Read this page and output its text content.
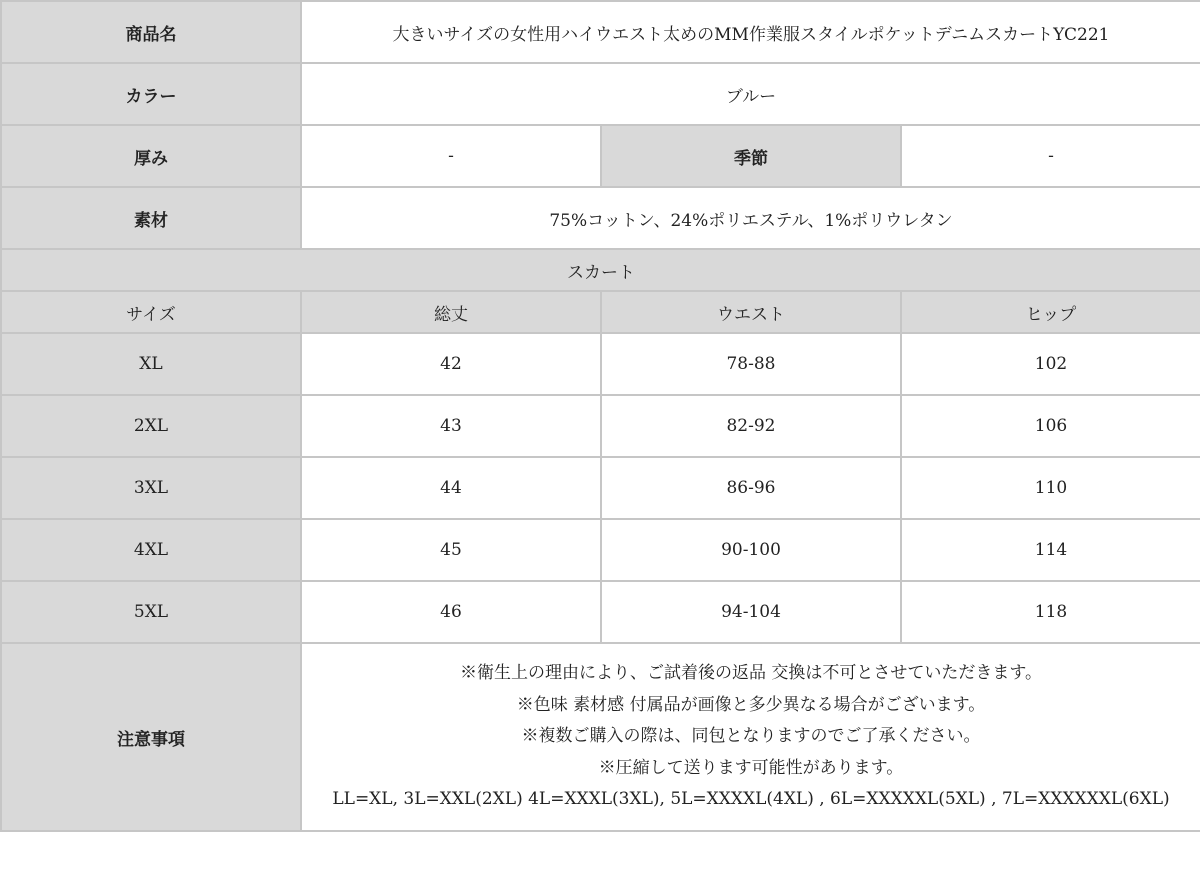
商品名	大きいサイズの女性用ハイウエスト太めのMM作業服スタイルポケットデニムスカートYC221		
カラー	ブルー		
厚み	-	季節	-
素材	75%コットン、24%ポリエステル、1%ポリウレタン		
スカート			
サイズ	総丈	ウエスト	ヒップ
XL	42	78-88	102
2XL	43	82-92	106
3XL	44	86-96	110
4XL	45	90-100	114
5XL	46	94-104	118
注意事項	※衛生上の理由により、ご試着後の返品 交換は不可とさせていただきます。
※色味 素材感 付属品が画像と多少異なる場合がございます。
※複数ご購入の際は、同包となりますのでご了承ください。
※圧縮して送ります可能性があります。
LL=XL, 3L=XXL(2XL) 4L=XXXL(3XL), 5L=XXXXL(4XL) , 6L=XXXXXL(5XL) , 7L=XXXXXXL(6XL)		
